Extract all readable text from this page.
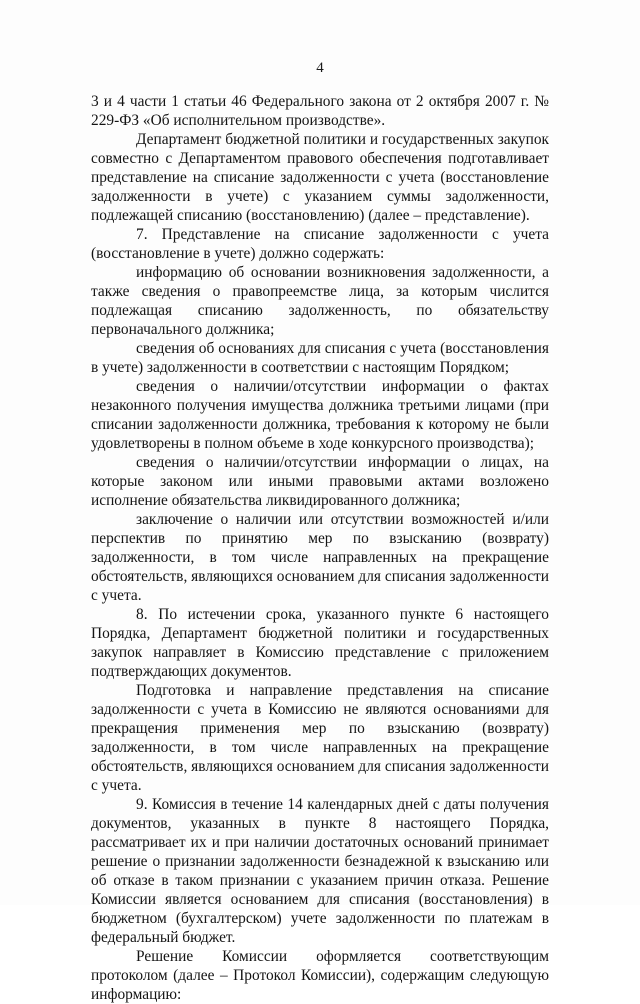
4

3 и 4 части 1 статьи 46 Федерального закона от 2 октября 2007 г. № 229-ФЗ «Об исполнительном производстве».

Департамент бюджетной политики и государственных закупок совместно с Департаментом правового обеспечения подготавливает представление на списание задолженности с учета (восстановление задолженности в учете) с указанием суммы задолженности, подлежащей списанию (восстановлению) (далее – представление).

7. Представление на списание задолженности с учета (восстановление в учете) должно содержать:

информацию об основании возникновения задолженности, а также сведения о правопреемстве лица, за которым числится подлежащая списанию задолженность, по обязательству первоначального должника;

сведения об основаниях для списания с учета (восстановления в учете) задолженности в соответствии с настоящим Порядком;

сведения о наличии/отсутствии информации о фактах незаконного получения имущества должника третьими лицами (при списании задолженности должника, требования к которому не были удовлетворены в полном объеме в ходе конкурсного производства);

сведения о наличии/отсутствии информации о лицах, на которые законом или иными правовыми актами возложено исполнение обязательства ликвидированного должника;

заключение о наличии или отсутствии возможностей и/или перспектив по принятию мер по взысканию (возврату) задолженности, в том числе направленных на прекращение обстоятельств, являющихся основанием для списания задолженности с учета.

8. По истечении срока, указанного пункте 6 настоящего Порядка, Департамент бюджетной политики и государственных закупок направляет в Комиссию представление с приложением подтверждающих документов.

Подготовка и направление представления на списание задолженности с учета в Комиссию не являются основаниями для прекращения применения мер по взысканию (возврату) задолженности, в том числе направленных на прекращение обстоятельств, являющихся основанием для списания задолженности с учета.

9. Комиссия в течение 14 календарных дней с даты получения документов, указанных в пункте 8 настоящего Порядка, рассматривает их и при наличии достаточных оснований принимает решение о признании задолженности безнадежной к взысканию или об отказе в таком признании с указанием причин отказа. Решение Комиссии является основанием для списания (восстановления) в бюджетном (бухгалтерском) учете задолженности по платежам в федеральный бюджет.

Решение Комиссии оформляется соответствующим протоколом (далее – Протокол Комиссии), содержащим следующую информацию:
